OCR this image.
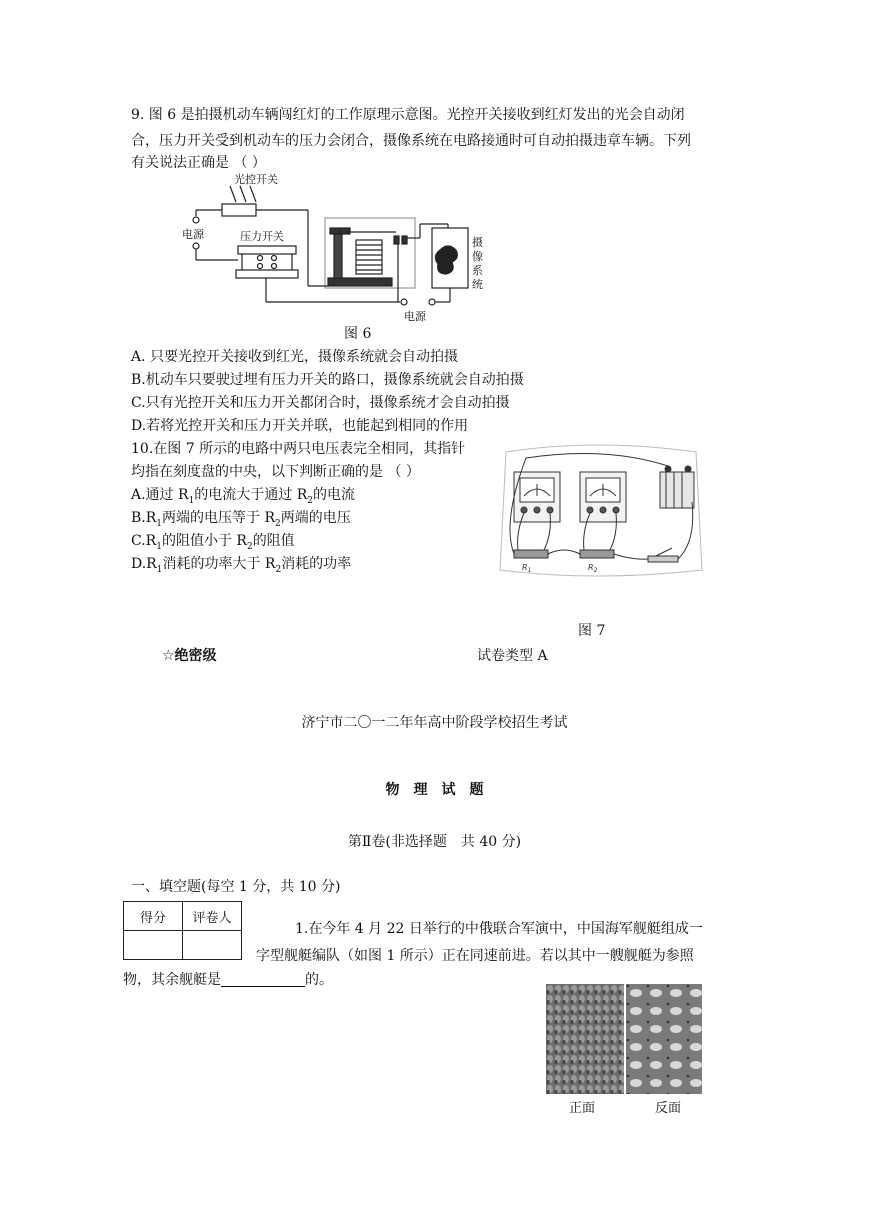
9. 图 6 是拍摄机动车辆闯红灯的工作原理示意图。光控开关接收到红灯发出的光会自动闭
合，压力开关受到机动车的压力会闭合，摄像系统在电路接通时可自动拍摄违章车辆。下列
有关说法正确是 （ ）
光控开关
电源	压力开关	摄
像
系
统
电源
图 6
A. 只要光控开关接收到红光，摄像系统就会自动拍摄
B.机动车只要驶过埋有压力开关的路口，摄像系统就会自动拍摄
C.只有光控开关和压力开关都闭合时，摄像系统才会自动拍摄
D.若将光控开关和压力开关并联，也能起到相同的作用
10.在图 7 所示的电路中两只电压表完全相同，其指针
均指在刻度盘的中央，以下判断正确的是 （ ）
A.通过 $R_1$的电流大于通过 $R_2$的电流
$B.R_1$两端的电压等于 $R_2$两端的电压
$C.R_1$的阻值小于 $R_2$的阻值
$D.R_1$消耗的功率大于 $R_2$消耗的功率	$R_1$	$R_2$
图 7
☆绝密级	试卷类型 A
济宁市二〇一二年年高中阶段学校招生考试
物　理　试　题
第Ⅱ卷(非选择题　共 40 分)
一、填空题(每空 1 分，共 10 分)
得分	评卷人

1.在今年 4 月 22 日举行的中俄联合军演中，中国海军舰艇组成一
字型舰艇编队（如图 1 所示）正在同速前进。若以其中一艘舰艇为参照
物，其余舰艇是	的。
正面	反面
